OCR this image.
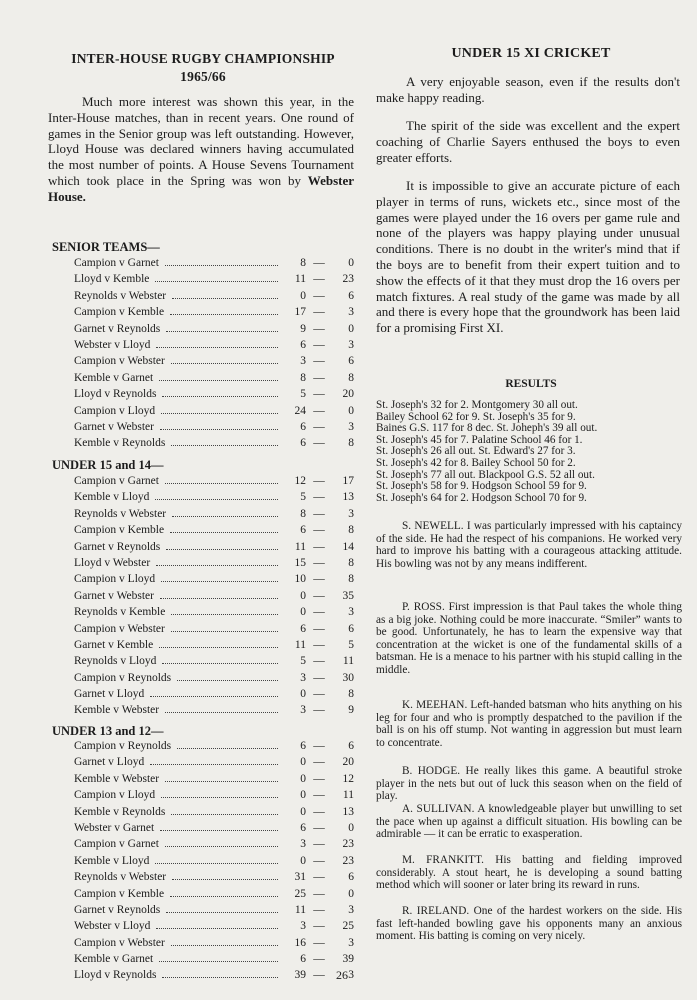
INTER-HOUSE RUGBY CHAMPIONSHIP
1965/66

Much more interest was shown this year, in the Inter-House matches, than in recent years. One round of games in the Senior group was left outstanding. However, Lloyd House was declared winners having accumulated the most number of points. A House Sevens Tournament which took place in the Spring was won by Webster House.

SENIOR TEAMS—
Campion v Garnet	8 —	0
Lloyd v Kemble	11 —	23
Reynolds v Webster	0 —	6
Campion v Kemble	17 —	3
Garnet v Reynolds	9 —	0
Webster v Lloyd	6 —	3
Campion v Webster	3 —	6
Kemble v Garnet	8 —	8
Lloyd v Reynolds	5 —	20
Campion v Lloyd	24 —	0
Garnet v Webster	6 —	3
Kemble v Reynolds	6 —	8
UNDER 15 and 14—
Campion v Garnet	12 —	17
Kemble v Lloyd	5 —	13
Reynolds v Webster	8 —	3
Campion v Kemble	6 —	8
Garnet v Reynolds	11 —	14
Lloyd v Webster	15 —	8
Campion v Lloyd	10 —	8
Garnet v Webster	0 —	35
Reynolds v Kemble	0 —	3
Campion v Webster	6 —	6
Garnet v Kemble	11 —	5
Reynolds v Lloyd	5 —	11
Campion v Reynolds	3 —	30
Garnet v Lloyd	0 —	8
Kemble v Webster	3 —	9
UNDER 13 and 12—
Campion v Reynolds	6 —	6
Garnet v Lloyd	0 —	20
Kemble v Webster	0 —	12
Campion v Lloyd	0 —	11
Kemble v Reynolds	0 —	13
Webster v Garnet	6 —	0
Campion v Garnet	3 —	23
Kemble v Lloyd	0 —	23
Reynolds v Webster	31 —	6
Campion v Kemble	25 —	0
Garnet v Reynolds	11 —	3
Webster v Lloyd	3 —	25
Campion v Webster	16 —	3
Kemble v Garnet	6 —	39
Lloyd v Reynolds	39 —	3
UNDER 15 XI CRICKET

A very enjoyable season, even if the results don't make happy reading.

The spirit of the side was excellent and the expert coaching of Charlie Sayers enthused the boys to even greater efforts.

It is impossible to give an accurate picture of each player in terms of runs, wickets etc., since most of the games were played under the 16 overs per game rule and none of the players was happy playing under unusual conditions. There is no doubt in the writer's mind that if the boys are to benefit from their expert tuition and to show the effects of it that they must drop the 16 overs per match fixtures. A real study of the game was made by all and there is every hope that the groundwork has been laid for a promising First XI.

RESULTS
St. Joseph's 32 for 2. Montgomery 30 all out.
Bailey School 62 for 9. St. Joseph's 35 for 9.
Baines G.S. 117 for 8 dec. St. Joheph's 39 all out.
St. Joseph's 45 for 7. Palatine School 46 for 1.
St. Joseph's 26 all out. St. Edward's 27 for 3.
St. Joseph's 42 for 8. Bailey School 50 for 2.
St. Joseph's 77 all out. Blackpool G.S. 52 all out.
St. Joseph's 58 for 9. Hodgson School 59 for 9.
St. Joseph's 64 for 2. Hodgson School 70 for 9.

S. NEWELL. I was particularly impressed with his captaincy of the side. He had the respect of his companions. He worked very hard to improve his batting with a courageous attacking attitude. His bowling was not by any means indifferent.

P. ROSS. First impression is that Paul takes the whole thing as a big joke. Nothing could be more inaccurate. “Smiler” wants to be good. Unfortunately, he has to learn the expensive way that concentration at the wicket is one of the fundamental skills of a batsman. He is a menace to his partner with his stupid calling in the middle.

K. MEEHAN. Left-handed batsman who hits anything on his leg for four and who is promptly despatched to the pavilion if the ball is on his off stump. Not wanting in aggression but must learn to concentrate.

B. HODGE. He really likes this game. A beautiful stroke player in the nets but out of luck this season when on the field of play.

A. SULLIVAN. A knowledgeable player but unwilling to set the pace when up against a difficult situation. His bowling can be admirable — it can be erratic to exasperation.

M. FRANKITT. His batting and fielding improved considerably. A stout heart, he is developing a sound batting method which will sooner or later bring its reward in runs.

R. IRELAND. One of the hardest workers on the side. His fast left-handed bowling gave his opponents many an anxious moment. His batting is coming on very nicely.

26
